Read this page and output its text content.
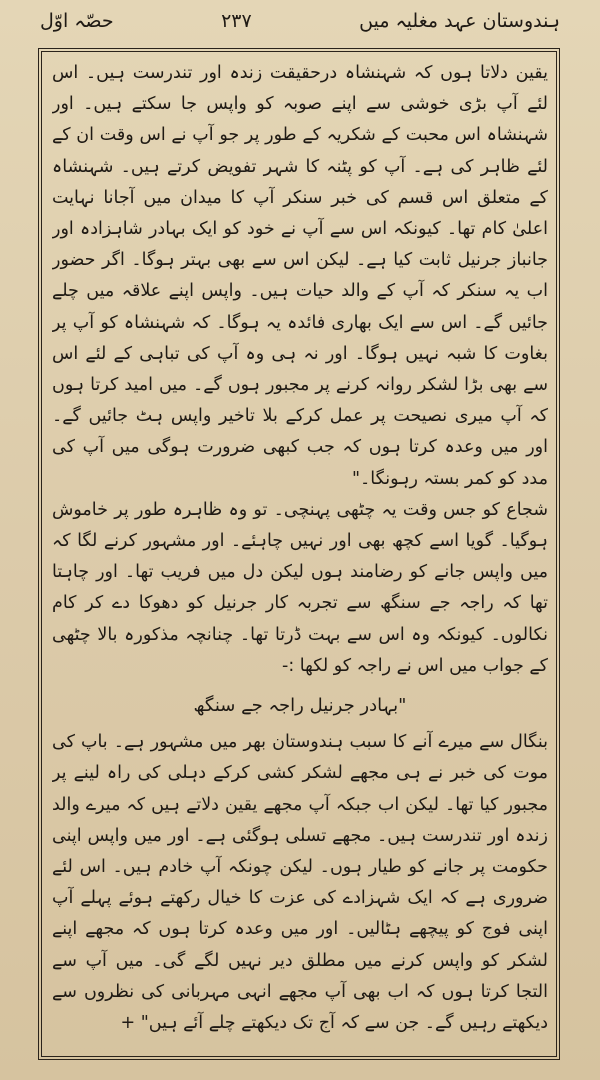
حصّہ اوّل	۲۳۷	ہندوستان عہد مغلیہ میں

یقین دلاتا ہوں کہ شہنشاہ درحقیقت زندہ اور تندرست ہیں۔ اس لئے آپ بڑی خوشی سے اپنے صوبہ کو واپس جا سکتے ہیں۔ اور شہنشاہ اس محبت کے شکریہ کے طور پر جو آپ نے اس وقت ان کے لئے ظاہر کی ہے۔ آپ کو پٹنہ کا شہر تفویض کرتے ہیں۔ شہنشاہ کے متعلق اس قسم کی خبر سنکر آپ کا میدان میں آجانا نہایت اعلیٰ کام تھا۔ کیونکہ اس سے آپ نے خود کو ایک بہادر شاہزادہ اور جانباز جرنیل ثابت کیا ہے۔ لیکن اس سے بھی بہتر ہوگا۔ اگر حضور اب یہ سنکر کہ آپ کے والد حیات ہیں۔ واپس اپنے علاقہ میں چلے جائیں گے۔ اس سے ایک بھاری فائدہ یہ ہوگا۔ کہ شہنشاہ کو آپ پر بغاوت کا شبہ نہیں ہوگا۔ اور نہ ہی وہ آپ کی تباہی کے لئے اس سے بھی بڑا لشکر روانہ کرنے پر مجبور ہوں گے۔ میں امید کرتا ہوں کہ آپ میری نصیحت پر عمل کرکے بلا تاخیر واپس ہٹ جائیں گے۔ اور میں وعدہ کرتا ہوں کہ جب کبھی ضرورت ہوگی میں آپ کی مدد کو کمر بستہ رہونگا۔"

شجاع کو جس وقت یہ چٹھی پہنچی۔ تو وہ ظاہرہ طور پر خاموش ہوگیا۔ گویا اسے کچھ بھی اور نہیں چاہئے۔ اور مشہور کرنے لگا کہ میں واپس جانے کو رضامند ہوں لیکن دل میں فریب تھا۔ اور چاہتا تھا کہ راجہ جے سنگھ سے تجربہ کار جرنیل کو دھوکا دے کر کام نکالوں۔ کیونکہ وہ اس سے بہت ڈرتا تھا۔ چنانچہ مذکورہ بالا چٹھی کے جواب میں اس نے راجہ کو لکھا :-

"بہادر جرنیل راجہ جے سنگھ

بنگال سے میرے آنے کا سبب ہندوستان بھر میں مشہور ہے۔ باپ کی موت کی خبر نے ہی مجھے لشکر کشی کرکے دہلی کی راہ لینے پر مجبور کیا تھا۔ لیکن اب جبکہ آپ مجھے یقین دلاتے ہیں کہ میرے والد زندہ اور تندرست ہیں۔ مجھے تسلی ہوگئی ہے۔ اور میں واپس اپنی حکومت پر جانے کو طیار ہوں۔ لیکن چونکہ آپ خادم ہیں۔ اس لئے ضروری ہے کہ ایک شہزادے کی عزت کا خیال رکھتے ہوئے پہلے آپ اپنی فوج کو پیچھے ہٹالیں۔ اور میں وعدہ کرتا ہوں کہ مجھے اپنے لشکر کو واپس کرنے میں مطلق دیر نہیں لگے گی۔ میں آپ سے التجا کرتا ہوں کہ اب بھی آپ مجھے انہی مہربانی کی نظروں سے دیکھتے رہیں گے۔ جن سے کہ آج تک دیکھتے چلے آئے ہیں" +
